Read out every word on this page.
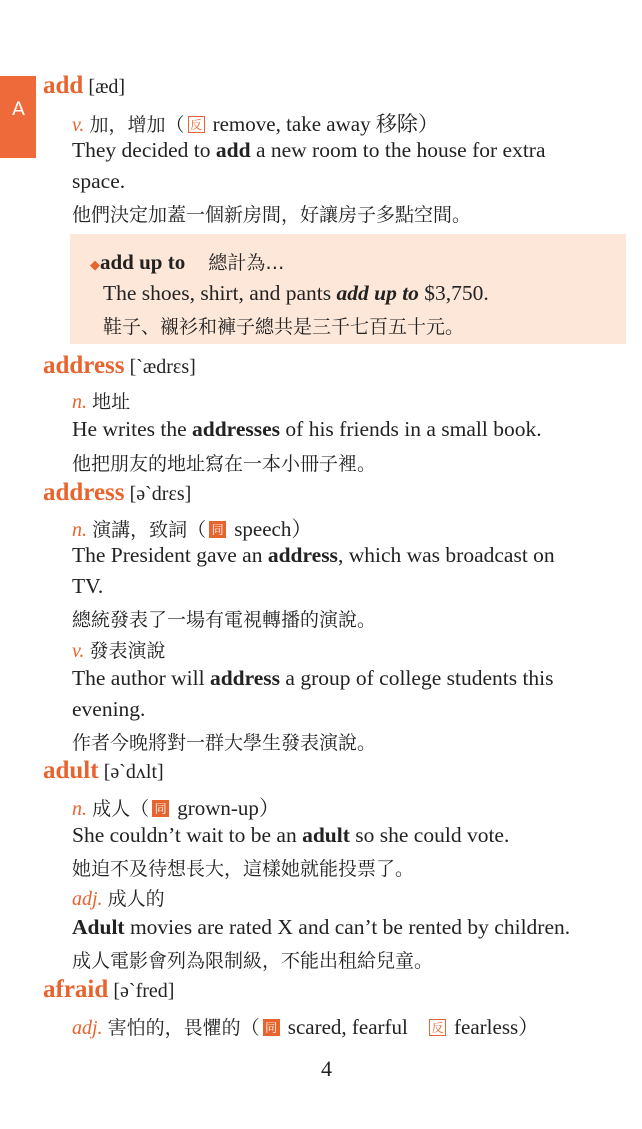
A
add [æd]
v. 加，增加（ 反 remove, take away 移除）
They decided to add a new room to the house for extra
space.
他們決定加蓋一個新房間，好讓房子多點空間。
◆add up to 總計為…
The shoes, shirt, and pants add up to $3,750.
鞋子、襯衫和褲子總共是三千七百五十元。
address [`ædrɛs]
n. 地址
He writes the addresses of his friends in a small book.
他把朋友的地址寫在一本小冊子裡。
address [ə`drɛs]
n. 演講，致詞（ 同 speech）
The President gave an address, which was broadcast on
TV.
總統發表了一場有電視轉播的演說。
v. 發表演說
The author will address a group of college students this
evening.
作者今晚將對一群大學生發表演說。
adult [ə`dʌlt]
n. 成人（ 同 grown-up）
She couldn’t wait to be an adult so she could vote.
她迫不及待想長大，這樣她就能投票了。
adj. 成人的
Adult movies are rated X and can’t be rented by children.
成人電影會列為限制級，不能出租給兒童。
afraid [ə`fred]
adj. 害怕的，畏懼的（ 同 scared, fearful 反 fearless）
4
